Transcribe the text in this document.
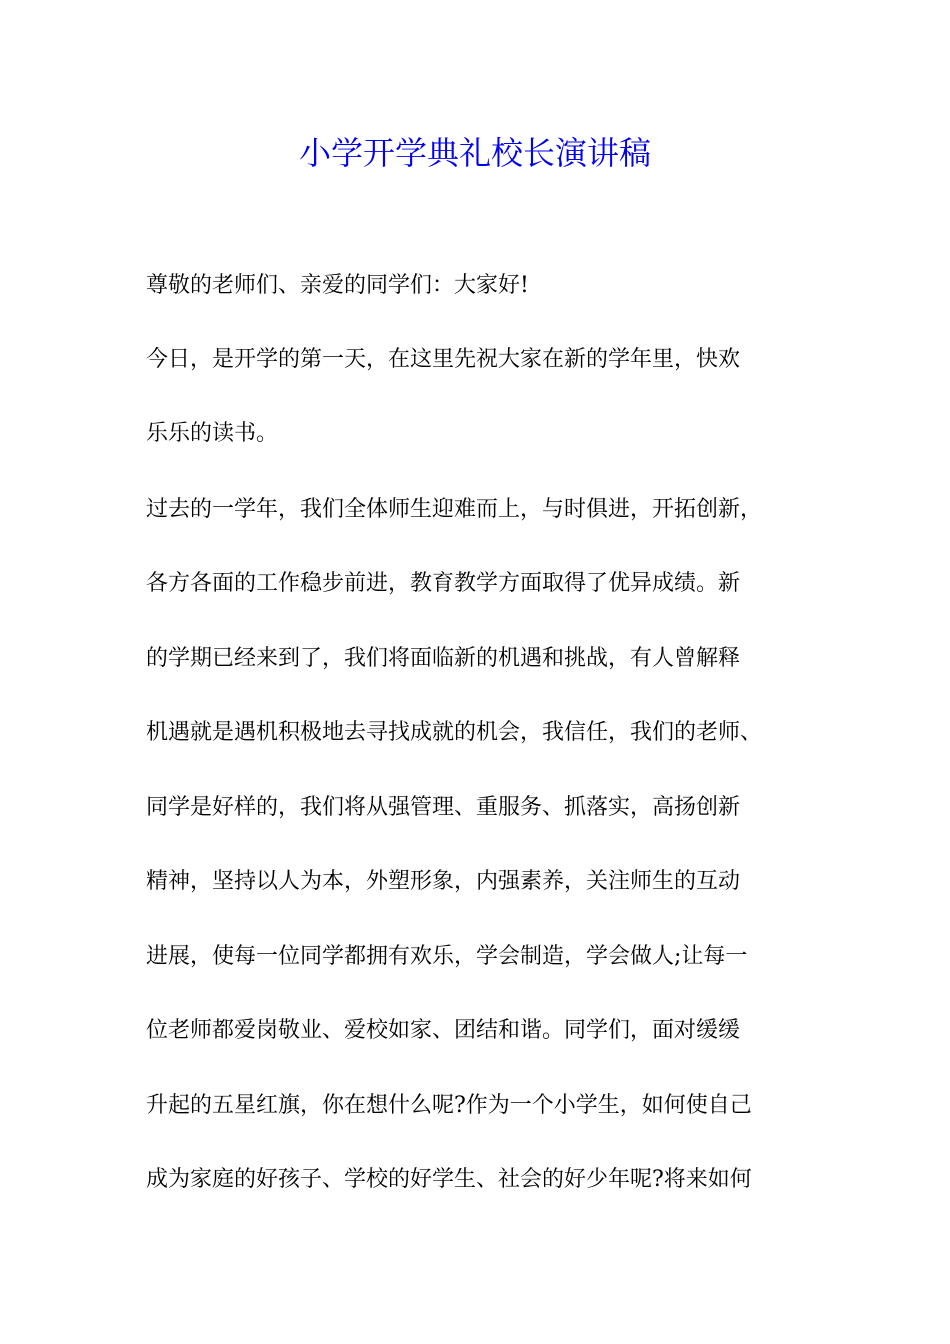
小学开学典礼校长演讲稿
尊敬的老师们、亲爱的同学们：大家好!
今日，是开学的第一天，在这里先祝大家在新的学年里，快欢
乐乐的读书。
过去的一学年，我们全体师生迎难而上，与时俱进，开拓创新，
各方各面的工作稳步前进，教育教学方面取得了优异成绩。新
的学期已经来到了，我们将面临新的机遇和挑战，有人曾解释
机遇就是遇机积极地去寻找成就的机会，我信任，我们的老师、
同学是好样的，我们将从强管理、重服务、抓落实，高扬创新
精神，坚持以人为本，外塑形象，内强素养，关注师生的互动
进展，使每一位同学都拥有欢乐，学会制造，学会做人;让每一
位老师都爱岗敬业、爱校如家、团结和谐。同学们，面对缓缓
升起的五星红旗，你在想什么呢?作为一个小学生，如何使自己
成为家庭的好孩子、学校的好学生、社会的好少年呢?将来如何
